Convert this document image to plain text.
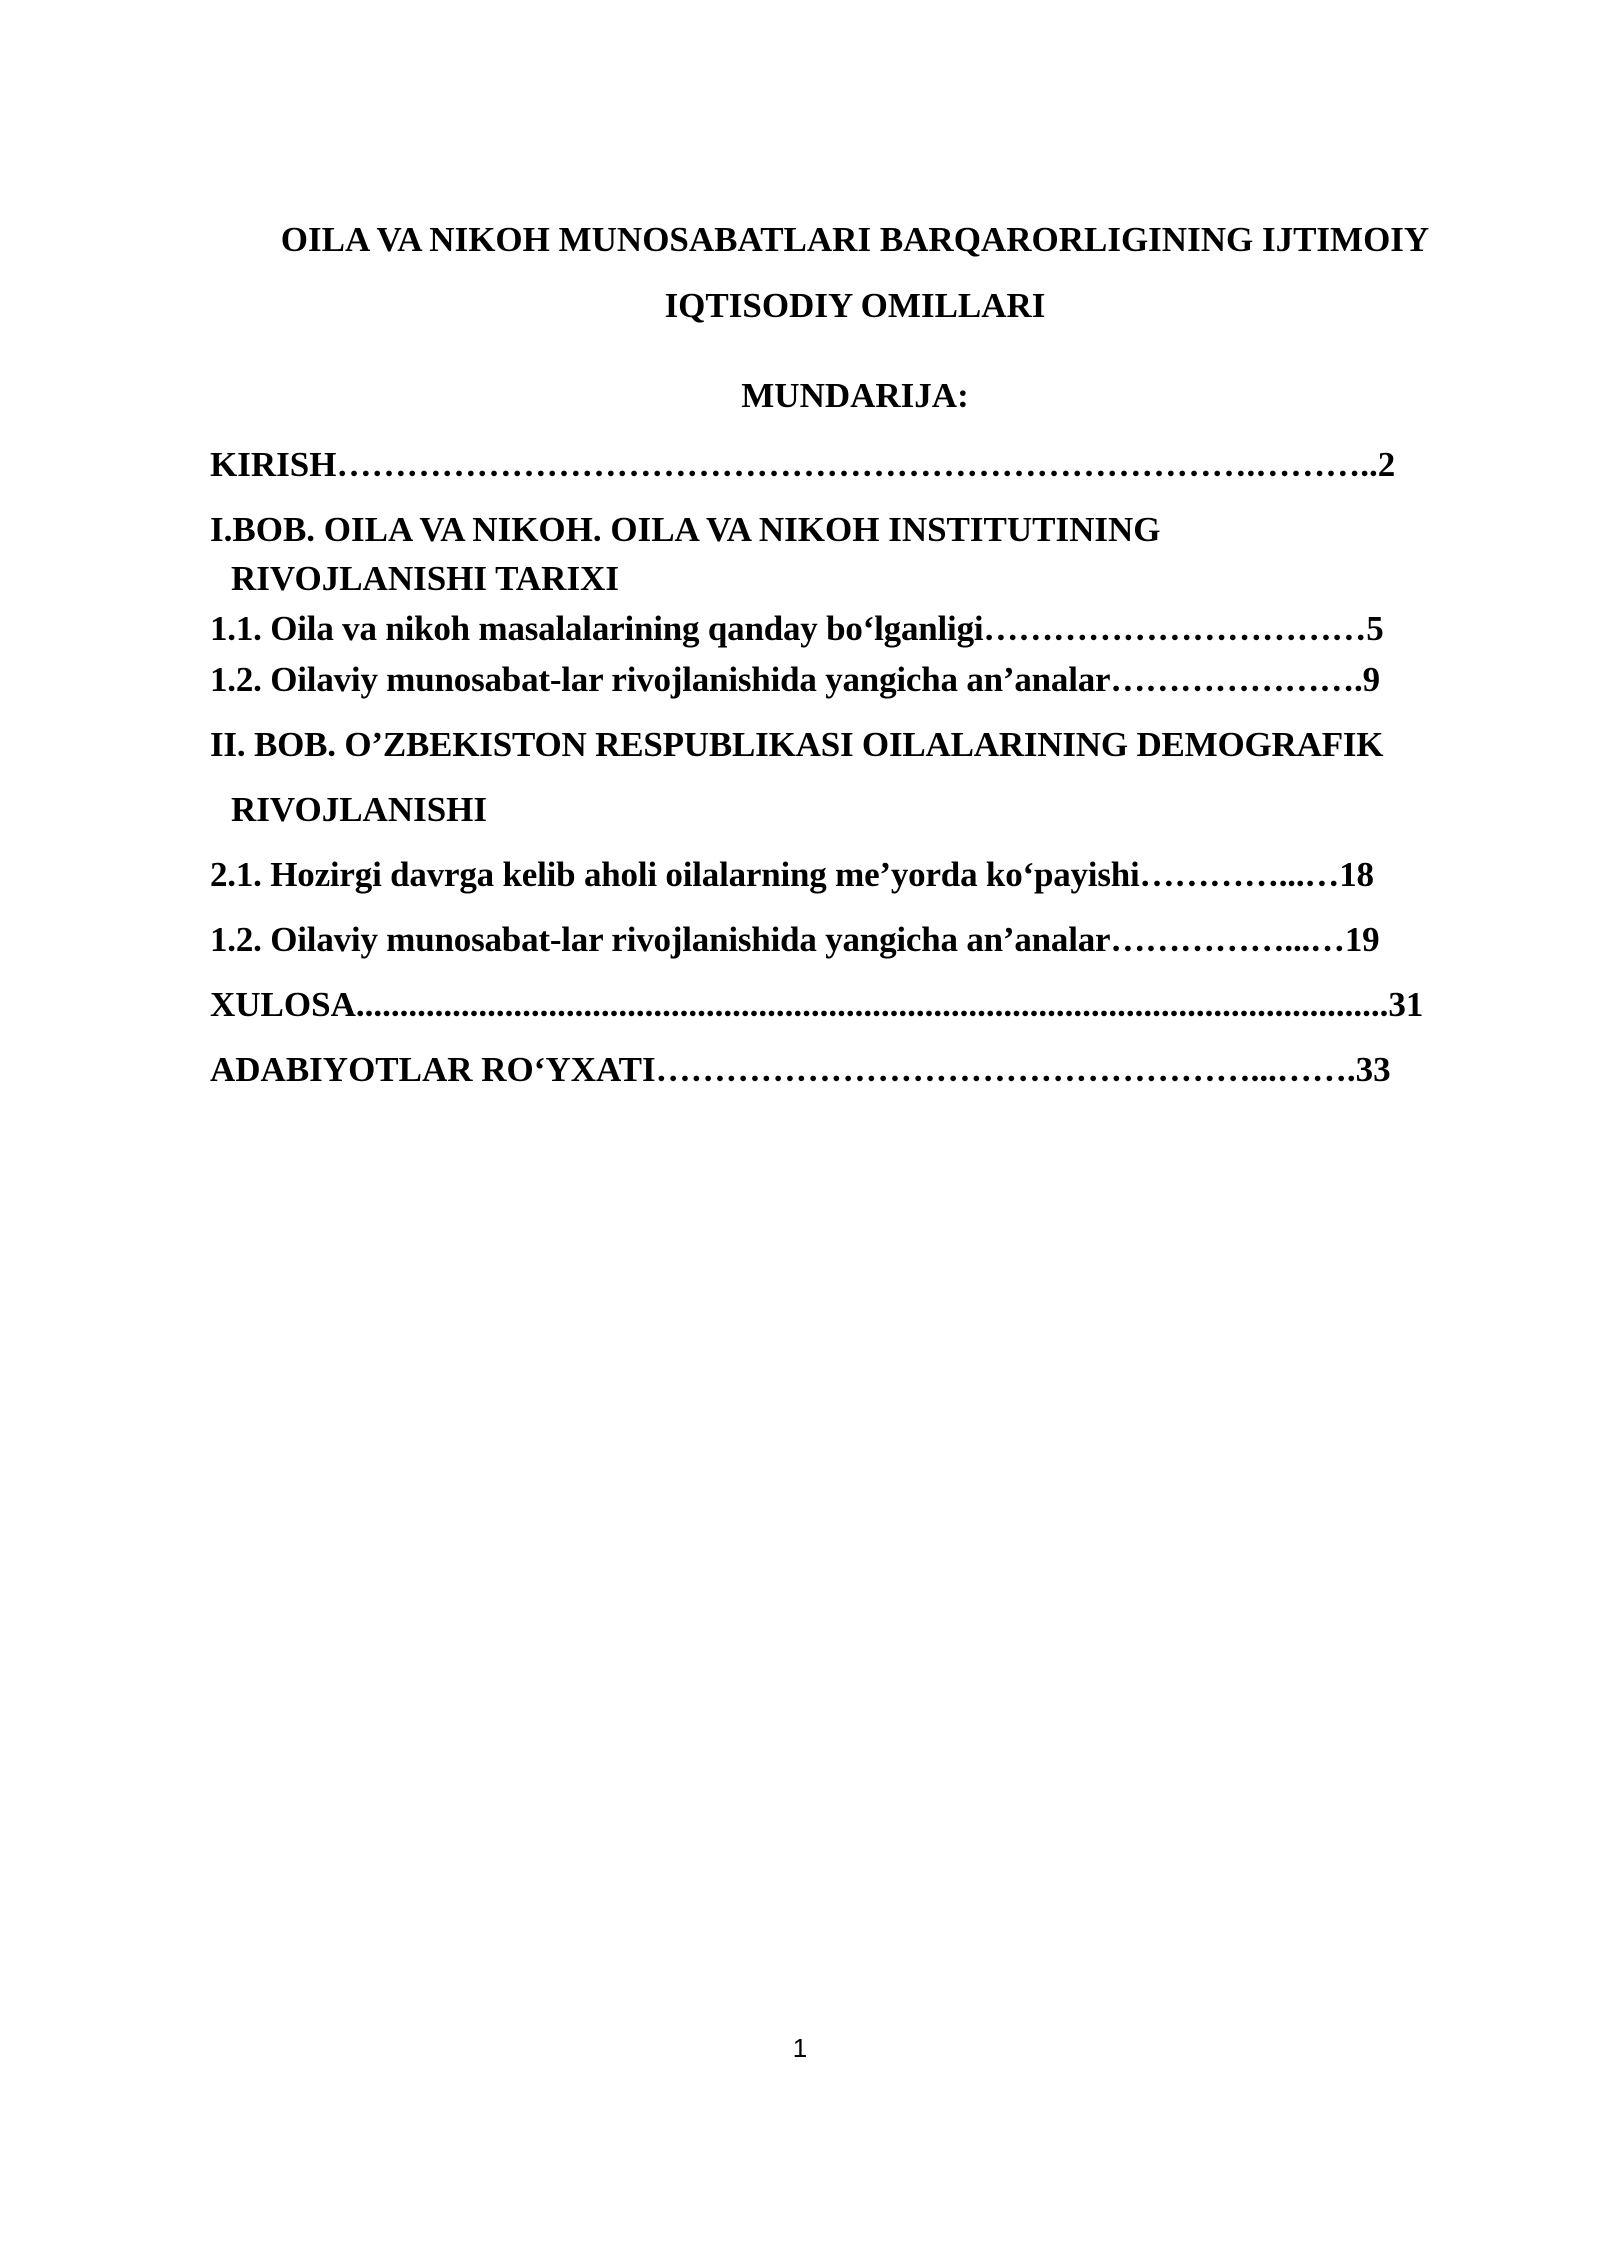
OILA VA NIKOH MUNOSABATLARI BARQARORLIGINING IJTIMOIY
IQTISODIY OMILLARI
MUNDARIJA:
KIRISH…………………………………………………………………….………..2
I.BOB. OILA VA NIKOH. OILA VA NIKOH INSTITUTINING
RIVOJLANISHI TARIXI
1.1. Oila va nikoh masalalarining qanday bo‘lganligi……………………………5
1.2. Oilaviy munosabat-lar rivojlanishida yangicha an’analar………………….9
II. BOB. O’ZBEKISTON RESPUBLIKASI OILALARINING DEMOGRAFIK
RIVOJLANISHI
2.1. Hozirgi davrga kelib aholi oilalarning me’yorda ko‘payishi…………...…18
1.2. Oilaviy munosabat-lar rivojlanishida yangicha an’analar……………...…19
XULOSA......................................................................................................................31
ADABIYOTLAR RO‘YXATI……………………………………………...…….33
1
